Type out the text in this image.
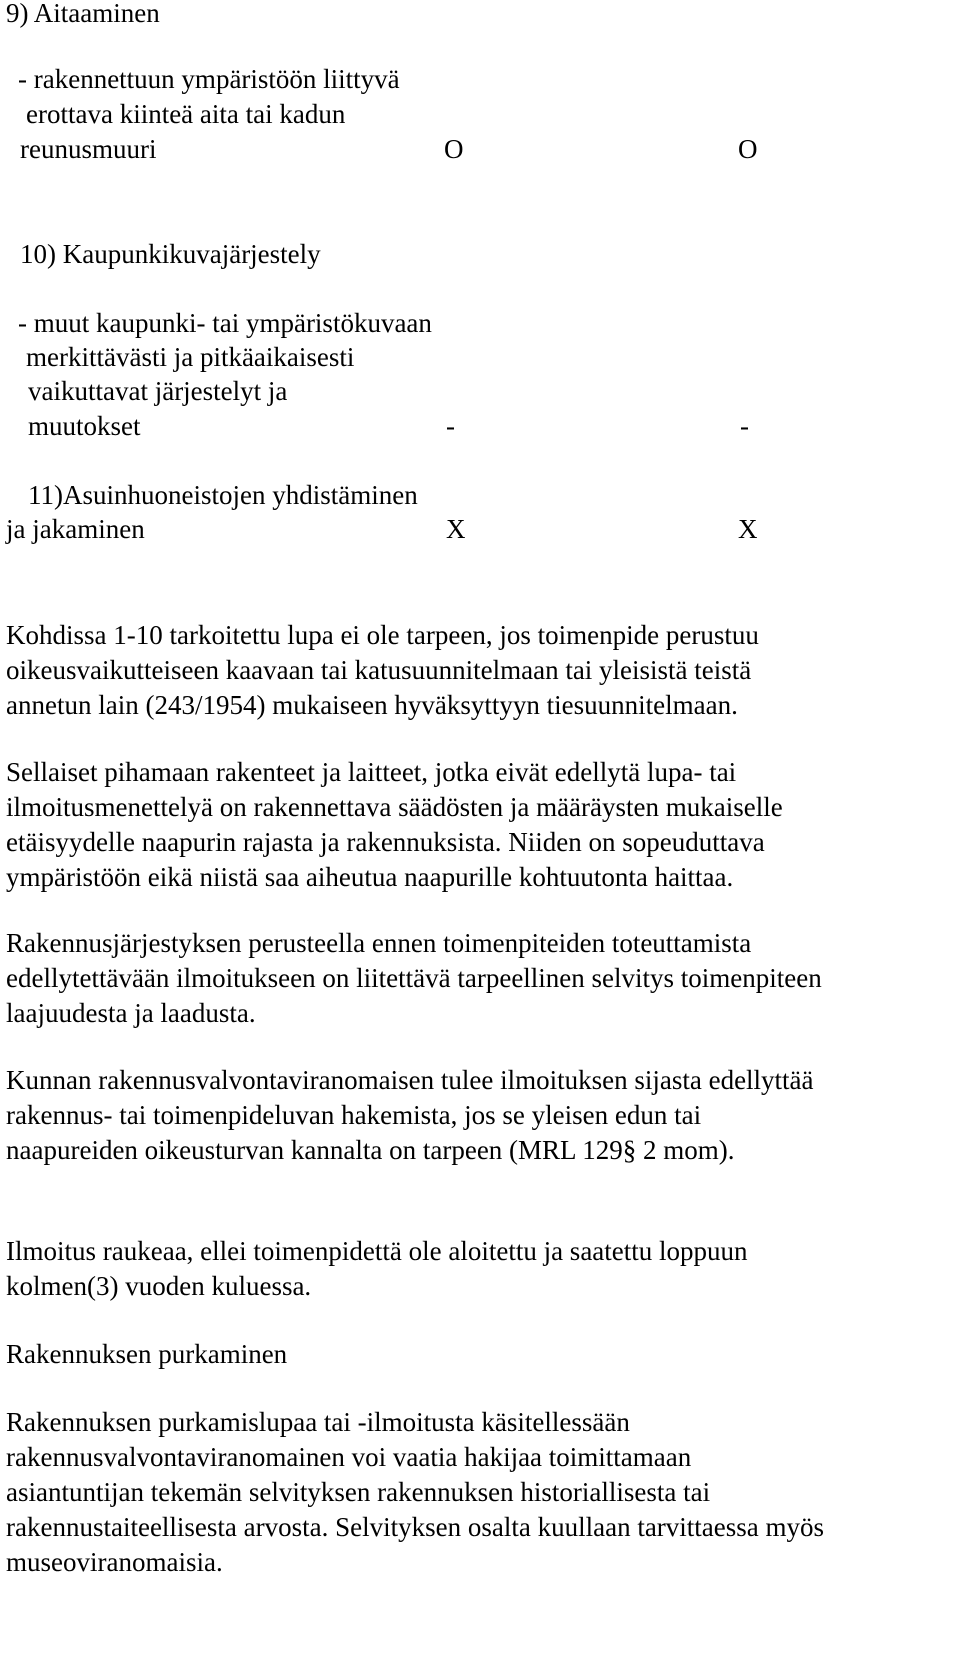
9) Aitaaminen
- rakennettuun ympäristöön liittyvä
erottava kiinteä aita tai kadun
reunusmuuri	O	O
10) Kaupunkikuvajärjestely
- muut kaupunki- tai ympäristökuvaan
merkittävästi ja pitkäaikaisesti
vaikuttavat järjestelyt ja
muutokset	-	-
11)Asuinhuoneistojen yhdistäminen
ja jakaminen	X	X
Kohdissa 1-10 tarkoitettu lupa ei ole tarpeen, jos toimenpide perustuu
oikeusvaikutteiseen kaavaan tai katusuunnitelmaan tai yleisistä teistä
annetun lain (243/1954) mukaiseen hyväksyttyyn tiesuunnitelmaan.
Sellaiset pihamaan rakenteet ja laitteet, jotka eivät edellytä lupa- tai
ilmoitusmenettelyä on rakennettava säädösten ja määräysten mukaiselle
etäisyydelle naapurin rajasta ja rakennuksista. Niiden on sopeuduttava
ympäristöön eikä niistä saa aiheutua naapurille kohtuutonta haittaa.
Rakennusjärjestyksen perusteella ennen toimenpiteiden toteuttamista
edellytettävään ilmoitukseen on liitettävä tarpeellinen selvitys toimenpiteen
laajuudesta ja laadusta.
Kunnan rakennusvalvontaviranomaisen tulee ilmoituksen sijasta edellyttää
rakennus- tai toimenpideluvan hakemista, jos se yleisen edun tai
naapureiden oikeusturvan kannalta on tarpeen (MRL 129§ 2 mom).
Ilmoitus raukeaa, ellei toimenpidettä ole aloitettu ja saatettu loppuun
kolmen(3) vuoden kuluessa.
Rakennuksen purkaminen
Rakennuksen purkamislupaa tai -ilmoitusta käsitellessään
rakennusvalvontaviranomainen voi vaatia hakijaa toimittamaan
asiantuntijan tekemän selvityksen rakennuksen historiallisesta tai
rakennustaiteellisesta arvosta. Selvityksen osalta kuullaan tarvittaessa myös
museoviranomaisia.
